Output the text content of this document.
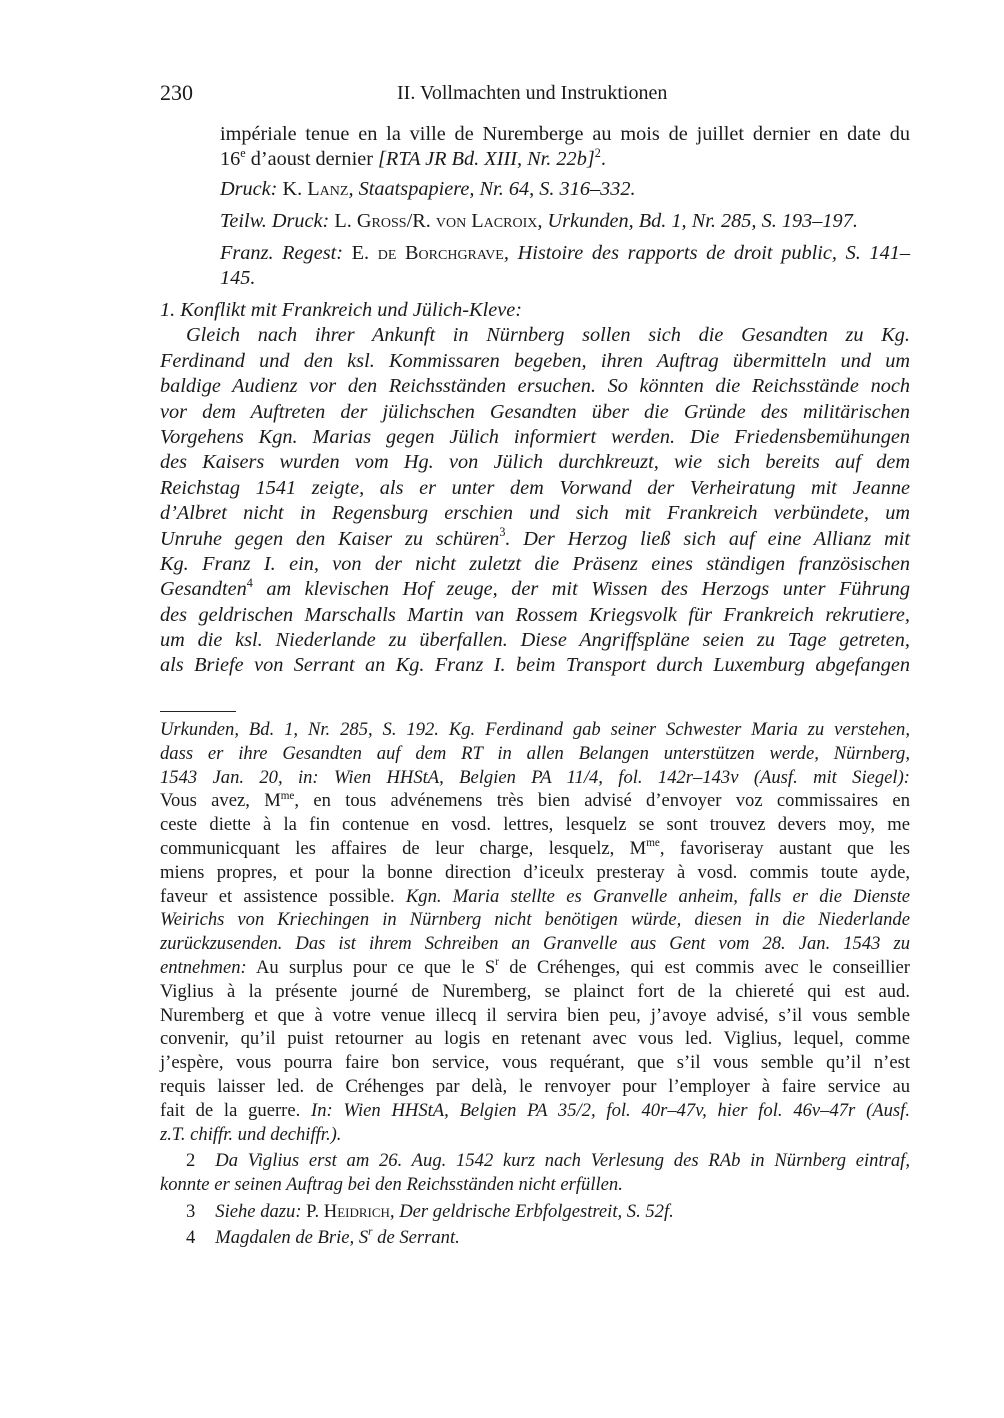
230	II. Vollmachten und Instruktionen
impériale tenue en la ville de Nuremberge au mois de juillet dernier en date du
16e d’aoust dernier [RTA JR Bd. XIII, Nr. 22b]$^2$.
Druck: K. Lanz, Staatspapiere, Nr. 64, S. 316–332.
Teilw. Druck: L. Groß/R. von Lacroix, Urkunden, Bd. 1, Nr. 285, S. 193–197.
Franz. Regest: E. de Borchgrave, Histoire des rapports de droit public, S. 141–
145.
1. Konflikt mit Frankreich und Jülich-Kleve:
Gleich nach ihrer Ankunft in Nürnberg sollen sich die Gesandten zu Kg.
Ferdinand und den ksl. Kommissaren begeben, ihren Auftrag übermitteln und um
baldige Audienz vor den Reichsständen ersuchen. So könnten die Reichsstände noch
vor dem Auftreten der jülichschen Gesandten über die Gründe des militärischen
Vorgehens Kgn. Marias gegen Jülich informiert werden. Die Friedensbemühungen
des Kaisers wurden vom Hg. von Jülich durchkreuzt, wie sich bereits auf dem
Reichstag 1541 zeigte, als er unter dem Vorwand der Verheiratung mit Jeanne
d’Albret nicht in Regensburg erschien und sich mit Frankreich verbündete, um
Unruhe gegen den Kaiser zu schüren$^3$. Der Herzog ließ sich auf eine Allianz mit
Kg. Franz I. ein, von der nicht zuletzt die Präsenz eines ständigen französischen
Gesandten$^4$ am klevischen Hof zeuge, der mit Wissen des Herzogs unter Führung
des geldrischen Marschalls Martin van Rossem Kriegsvolk für Frankreich rekrutiere,
um die ksl. Niederlande zu überfallen. Diese Angriffspläne seien zu Tage getreten,
als Briefe von Serrant an Kg. Franz I. beim Transport durch Luxemburg abgefangen
Urkunden, Bd. 1, Nr. 285, S. 192. Kg. Ferdinand gab seiner Schwester Maria zu verstehen,
dass er ihre Gesandten auf dem RT in allen Belangen unterstützen werde, Nürnberg,
1543 Jan. 20, in: Wien HHStA, Belgien PA 11/4, fol. 142r–143v (Ausf. mit Siegel):
Vous avez, $M^{me}$, en tous advénemens très bien advisé d’envoyer voz commissaires en
ceste diette à la fin contenue en vosd. lettres, lesquelz se sont trouvez devers moy, me
communicquant les affaires de leur charge, lesquelz, $M^{me}$, favoriseray austant que les
miens propres, et pour la bonne direction d’iceulx presteray à vosd. commis toute ayde,
faveur et assistence possible. Kgn. Maria stellte es Granvelle anheim, falls er die Dienste
Weirichs von Kriechingen in Nürnberg nicht benötigen würde, diesen in die Niederlande
zurückzusenden. Das ist ihrem Schreiben an Granvelle aus Gent vom 28. Jan. 1543 zu
entnehmen: Au surplus pour ce que le $S^r$ de Créhenges, qui est commis avec le conseillier
Viglius à la présente journé de Nuremberg, se plainct fort de la chiereté qui est aud.
Nuremberg et que à votre venue illecq il servira bien peu, j’avoye advisé, s’il vous semble
convenir, qu’il puist retourner au logis en retenant avec vous led. Viglius, lequel, comme
j’espère, vous pourra faire bon service, vous requérant, que s’il vous semble qu’il n’est
requis laisser led. de Créhenges par delà, le renvoyer pour l’employer à faire service au
fait de la guerre. In: Wien HHStA, Belgien PA 35/2, fol. 40r–47v, hier fol. 46v–47r (Ausf.
z.T. chiffr. und dechiffr.).
2 Da Viglius erst am 26. Aug. 1542 kurz nach Verlesung des RAb in Nürnberg eintraf,
konnte er seinen Auftrag bei den Reichsständen nicht erfüllen.
3 Siehe dazu: P. Heidrich, Der geldrische Erbfolgestreit, S. 52f.
4 Magdalen de Brie, $S^r$ de Serrant.
